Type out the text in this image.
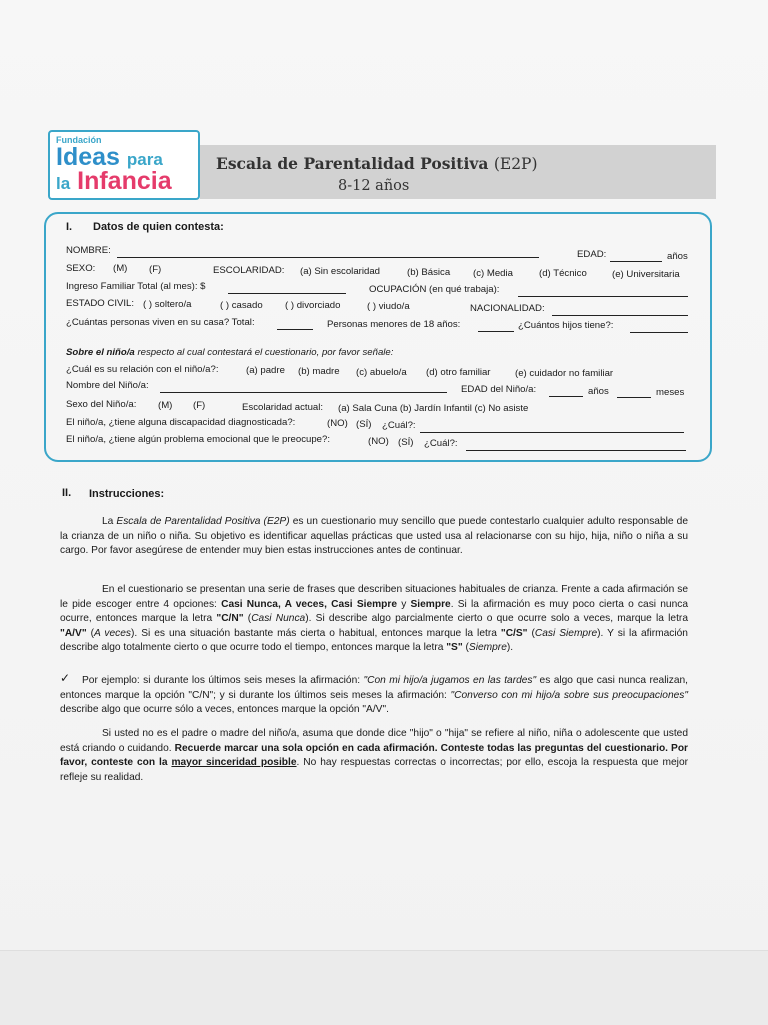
Fundación
Ideas para
la Infancia
Escala de Parentalidad Positiva (E2P)
8-12 años
I. Datos de quien contesta:
NOMBRE:	EDAD:	años
SEXO: (M) (F)	ESCOLARIDAD: (a) Sin escolaridad	(b) Básica (c) Media	(d) Técnico	(e) Universitaria
Ingreso Familiar Total (al mes): $	OCUPACIÓN (en qué trabaja):
ESTADO CIVIL: ( ) soltero/a	( ) casado ( ) divorciado	( ) viudo/a	NACIONALIDAD:
¿Cuántas personas viven en su casa? Total:	Personas menores de 18 años:	¿Cuántos hijos tiene?:
Sobre el niño/a respecto al cual contestará el cuestionario, por favor señale:
¿Cuál es su relación con el niño/a?:	(a) padre (b) madre (c) abuelo/a (d) otro familiar	(e) cuidador no familiar
Nombre del Niño/a:	EDAD del Niño/a:	años	meses
Sexo del Niño/a: (M) (F)	Escolaridad actual: (a) Sala Cuna (b) Jardín Infantil (c) No asiste
El niño/a, ¿tiene alguna discapacidad diagnosticada?:	(NO) (SÍ) ¿Cuál?:
El niño/a, ¿tiene algún problema emocional que le preocupe?:	(NO) (SÍ) ¿Cuál?:
II. Instrucciones:
La Escala de Parentalidad Positiva (E2P) es un cuestionario muy sencillo que puede contestarlo cualquier adulto responsable de la crianza de un niño o niña. Su objetivo es identificar aquellas prácticas que usted usa al relacionarse con su hijo, hija, niño o niña a su cargo. Por favor asegúrese de entender muy bien estas instrucciones antes de continuar.
En el cuestionario se presentan una serie de frases que describen situaciones habituales de crianza. Frente a cada afirmación se le pide escoger entre 4 opciones: Casi Nunca, A veces, Casi Siempre y Siempre. Si la afirmación es muy poco cierta o casi nunca ocurre, entonces marque la letra "C/N" (Casi Nunca). Si describe algo parcialmente cierto o que ocurre solo a veces, marque la letra "A/V" (A veces). Si es una situación bastante más cierta o habitual, entonces marque la letra "C/S" (Casi Siempre). Y si la afirmación describe algo totalmente cierto o que ocurre todo el tiempo, entonces marque la letra "S" (Siempre).
✓	Por ejemplo: si durante los últimos seis meses la afirmación: "Con mi hijo/a jugamos en las tardes" es algo que casi nunca realizan, entonces marque la opción "C/N"; y si durante los últimos seis meses la afirmación: "Converso con mi hijo/a sobre sus preocupaciones" describe algo que ocurre sólo a veces, entonces marque la opción "A/V".
Si usted no es el padre o madre del niño/a, asuma que donde dice "hijo" o "hija" se refiere al niño, niña o adolescente que usted está criando o cuidando. Recuerde marcar una sola opción en cada afirmación. Conteste todas las preguntas del cuestionario. Por favor, conteste con la mayor sinceridad posible. No hay respuestas correctas o incorrectas; por ello, escoja la respuesta que mejor refleje su realidad.
